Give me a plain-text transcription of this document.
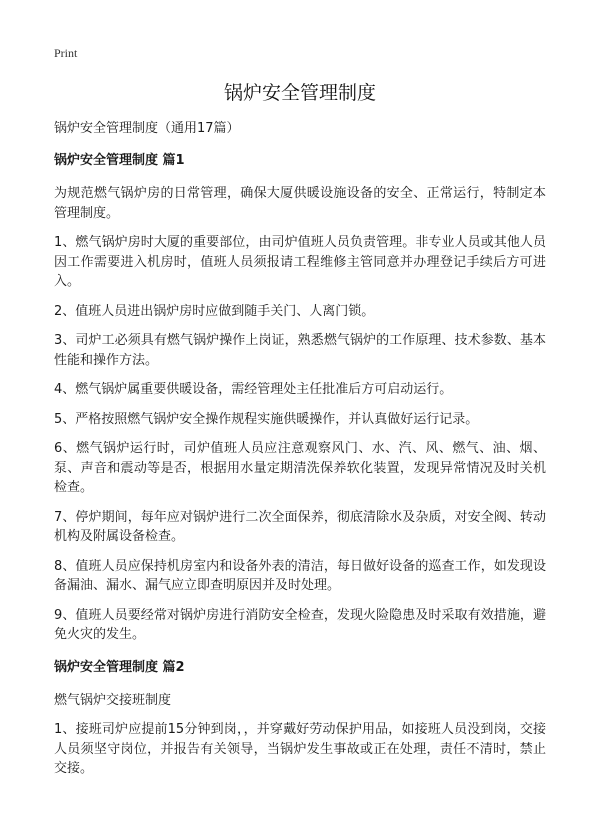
Print

锅炉安全管理制度

锅炉安全管理制度（通用17篇）

锅炉安全管理制度 篇1

为规范燃气锅炉房的日常管理，确保大厦供暖设施设备的安全、正常运行，特制定本管理制度。

1、燃气锅炉房时大厦的重要部位，由司炉值班人员负责管理。非专业人员或其他人员因工作需要进入机房时，值班人员须报请工程维修主管同意并办理登记手续后方可进入。

2、值班人员进出锅炉房时应做到随手关门、人离门锁。

3、司炉工必须具有燃气锅炉操作上岗证，熟悉燃气锅炉的工作原理、技术参数、基本性能和操作方法。

4、燃气锅炉属重要供暖设备，需经管理处主任批准后方可启动运行。

5、严格按照燃气锅炉安全操作规程实施供暖操作，并认真做好运行记录。

6、燃气锅炉运行时，司炉值班人员应注意观察风门、水、汽、风、燃气、油、烟、泵、声音和震动等是否，根据用水量定期清洗保养软化装置，发现异常情况及时关机检查。

7、停炉期间，每年应对锅炉进行二次全面保养，彻底清除水及杂质，对安全阀、转动机构及附属设备检查。

8、值班人员应保持机房室内和设备外表的清洁，每日做好设备的巡查工作，如发现设备漏油、漏水、漏气应立即查明原因并及时处理。

9、值班人员要经常对锅炉房进行消防安全检查，发现火险隐患及时采取有效措施，避免火灾的发生。

锅炉安全管理制度 篇2

燃气锅炉交接班制度

1、接班司炉应提前15分钟到岗，，并穿戴好劳动保护用品，如接班人员没到岗，交接人员须坚守岗位，并报告有关领导，当锅炉发生事故或正在处理，责任不清时，禁止交接。
